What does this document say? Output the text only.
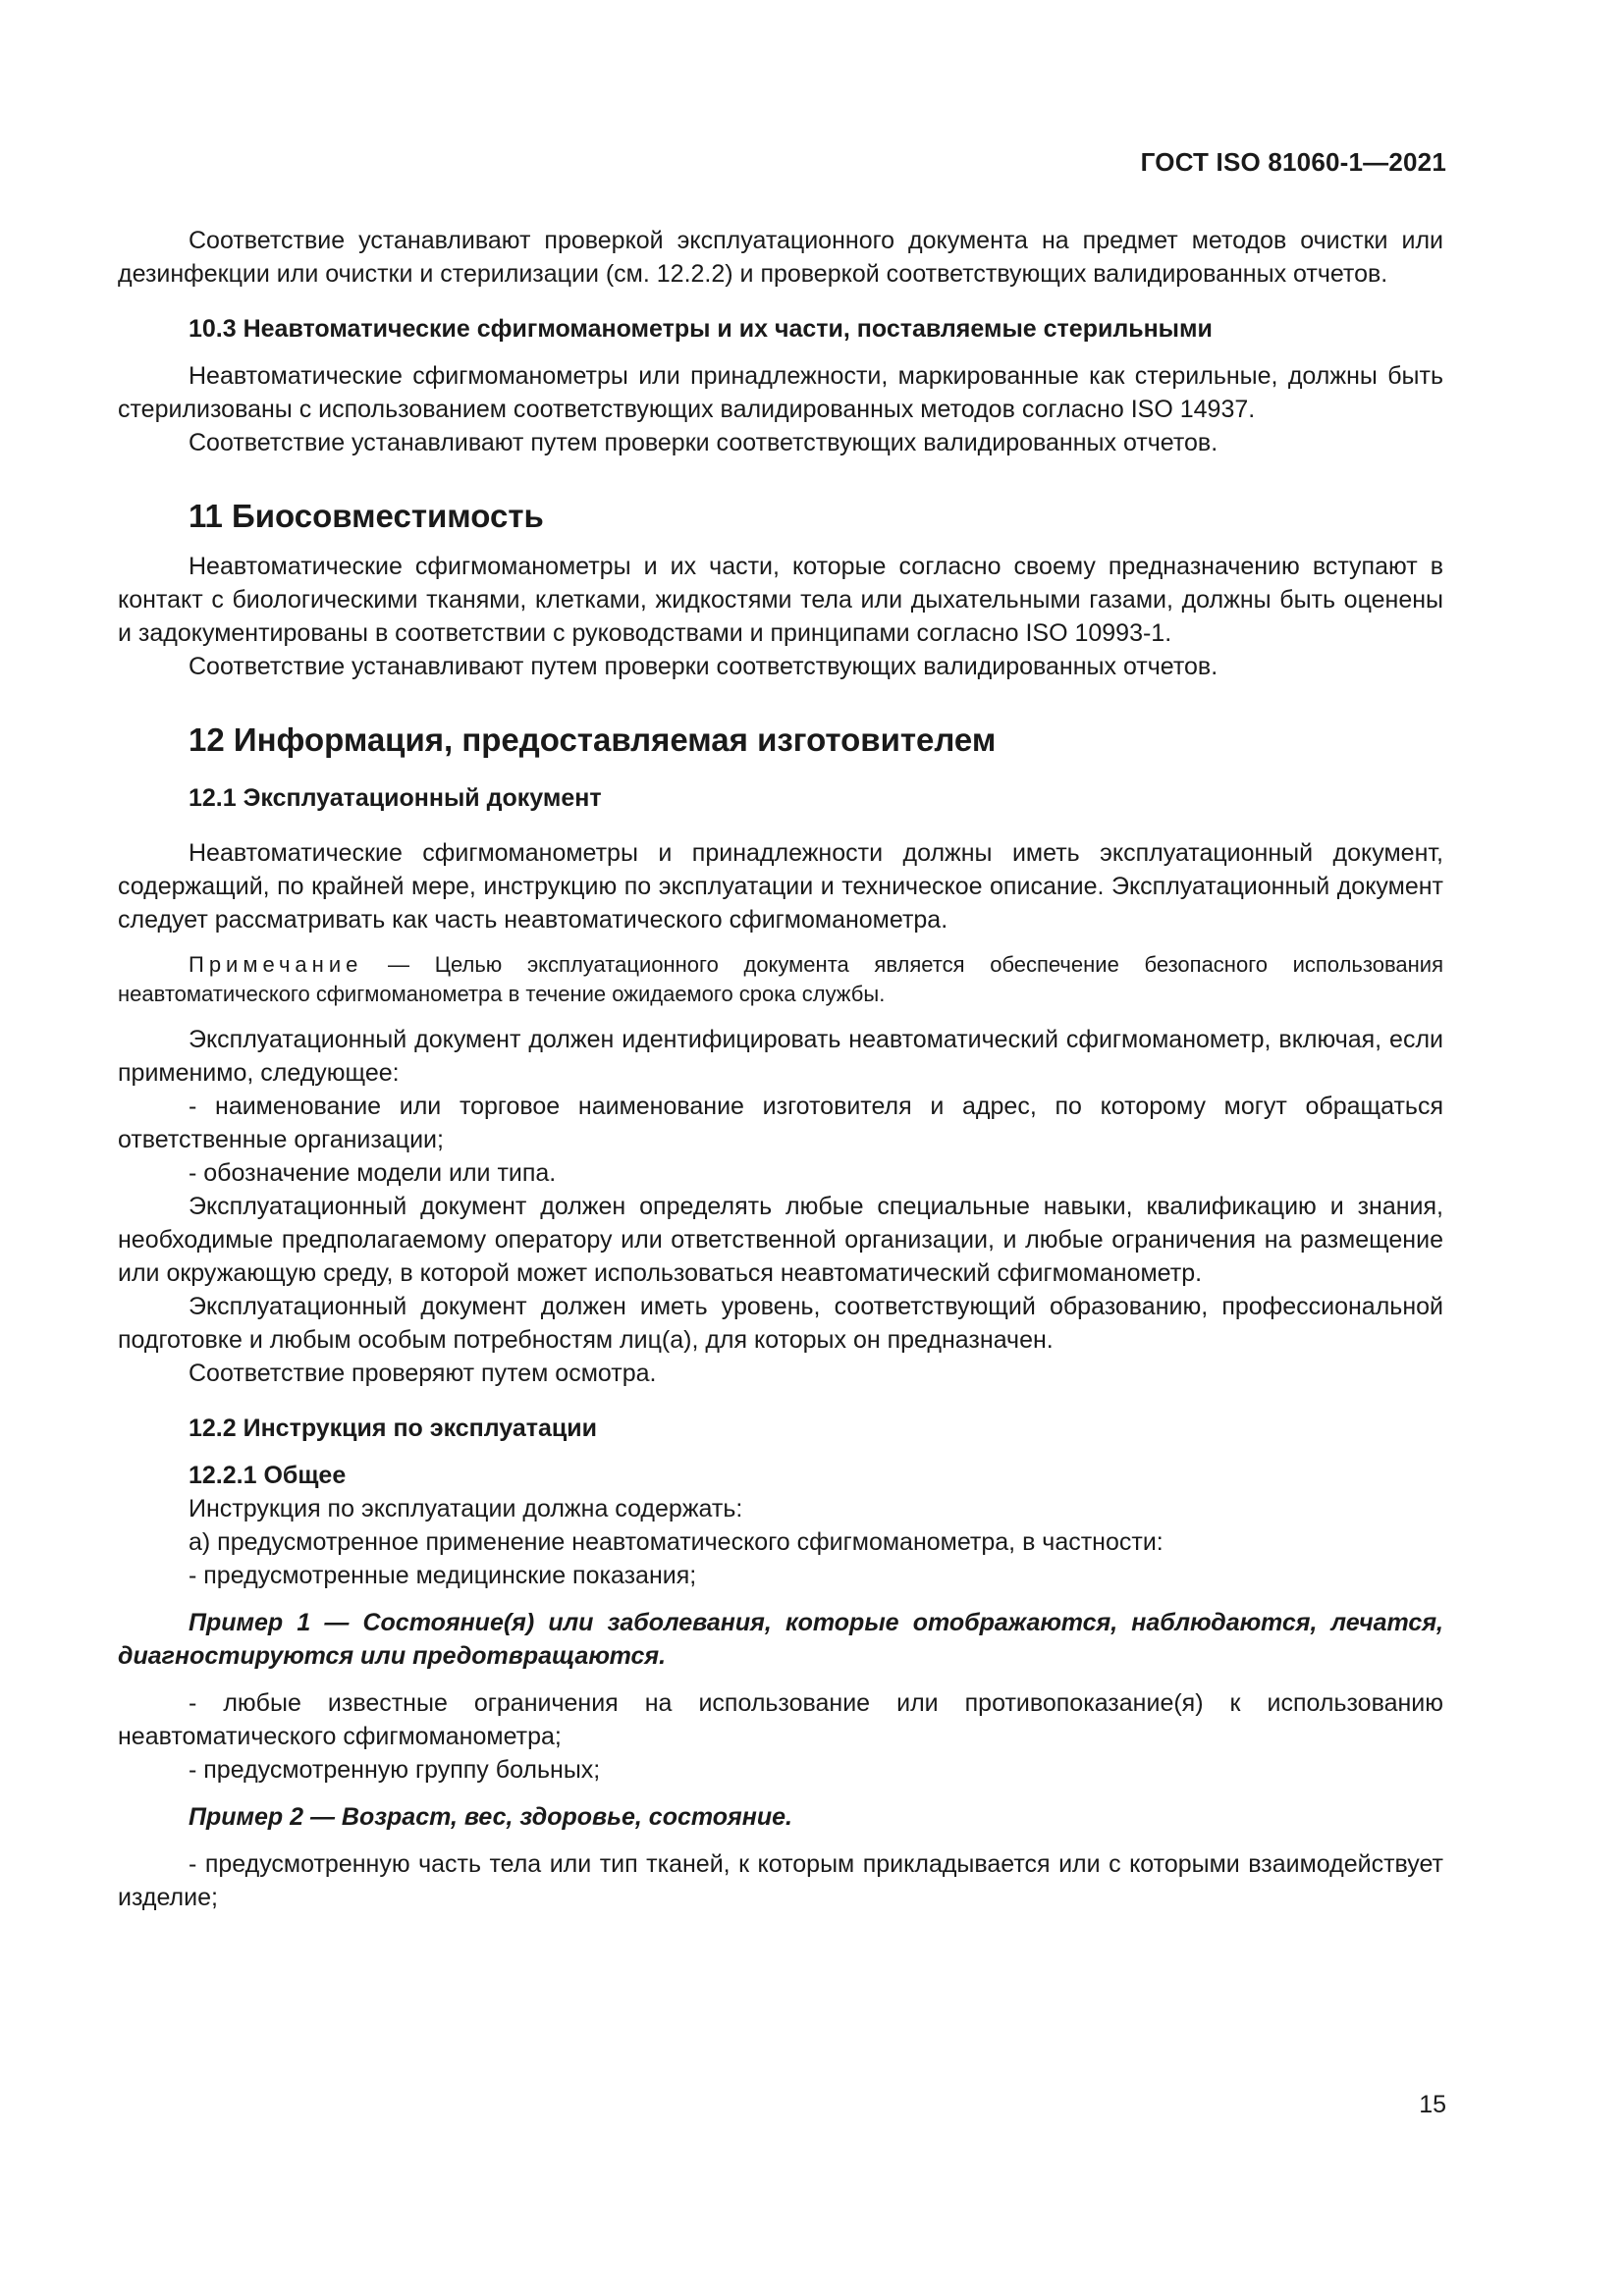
ГОСТ ISO 81060-1—2021

Соответствие устанавливают проверкой эксплуатационного документа на предмет методов очистки или дезинфекции или очистки и стерилизации (см. 12.2.2) и проверкой соответствующих валидированных отчетов.

10.3 Неавтоматические сфигмоманометры и их части, поставляемые стерильными

Неавтоматические сфигмоманометры или принадлежности, маркированные как стерильные, должны быть стерилизованы с использованием соответствующих валидированных методов согласно ISO 14937.

Соответствие устанавливают путем проверки соответствующих валидированных отчетов.

11 Биосовместимость

Неавтоматические сфигмоманометры и их части, которые согласно своему предназначению вступают в контакт с биологическими тканями, клетками, жидкостями тела или дыхательными газами, должны быть оценены и задокументированы в соответствии с руководствами и принципами согласно ISO 10993-1.

Соответствие устанавливают путем проверки соответствующих валидированных отчетов.

12 Информация, предоставляемая изготовителем

12.1 Эксплуатационный документ

Неавтоматические сфигмоманометры и принадлежности должны иметь эксплуатационный документ, содержащий, по крайней мере, инструкцию по эксплуатации и техническое описание. Эксплуатационный документ следует рассматривать как часть неавтоматического сфигмоманометра.

Примечание — Целью эксплуатационного документа является обеспечение безопасного использования неавтоматического сфигмоманометра в течение ожидаемого срока службы.

Эксплуатационный документ должен идентифицировать неавтоматический сфигмоманометр, включая, если применимо, следующее:

- наименование или торговое наименование изготовителя и адрес, по которому могут обращаться ответственные организации;

- обозначение модели или типа.

Эксплуатационный документ должен определять любые специальные навыки, квалификацию и знания, необходимые предполагаемому оператору или ответственной организации, и любые ограничения на размещение или окружающую среду, в которой может использоваться неавтоматический сфигмоманометр.

Эксплуатационный документ должен иметь уровень, соответствующий образованию, профессиональной подготовке и любым особым потребностям лиц(а), для которых он предназначен.

Соответствие проверяют путем осмотра.

12.2 Инструкция по эксплуатации

12.2.1 Общее

Инструкция по эксплуатации должна содержать:

а) предусмотренное применение неавтоматического сфигмоманометра, в частности:

- предусмотренные медицинские показания;

Пример 1 — Состояние(я) или заболевания, которые отображаются, наблюдаются, лечатся, диагностируются или предотвращаются.

- любые известные ограничения на использование или противопоказание(я) к использованию неавтоматического сфигмоманометра;

- предусмотренную группу больных;

Пример 2 — Возраст, вес, здоровье, состояние.

- предусмотренную часть тела или тип тканей, к которым прикладывается или с которыми взаимодействует изделие;

15
